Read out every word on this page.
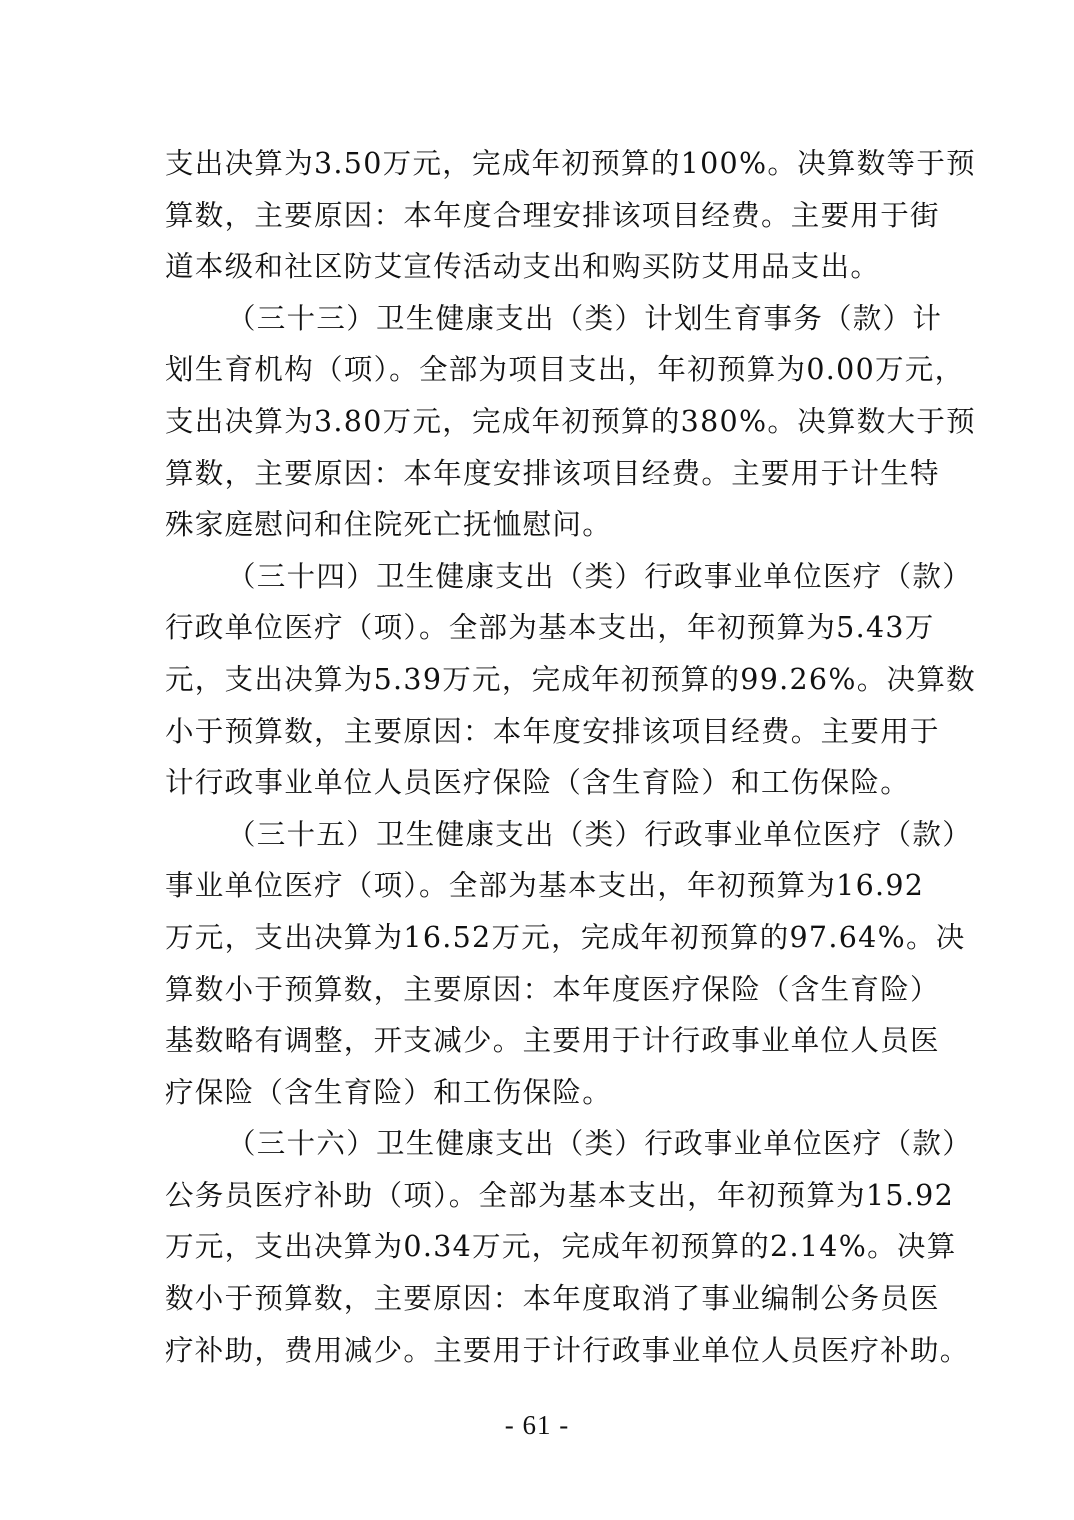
支出决算为3.50万元，完成年初预算的100%。决算数等于预
算数，主要原因：本年度合理安排该项目经费。主要用于街
道本级和社区防艾宣传活动支出和购买防艾用品支出。
（三十三）卫生健康支出（类）计划生育事务（款）计
划生育机构（项）。全部为项目支出，年初预算为0.00万元，
支出决算为3.80万元，完成年初预算的380%。决算数大于预
算数，主要原因：本年度安排该项目经费。主要用于计生特
殊家庭慰问和住院死亡抚恤慰问。
（三十四）卫生健康支出（类）行政事业单位医疗（款）
行政单位医疗（项）。全部为基本支出，年初预算为5.43万
元，支出决算为5.39万元，完成年初预算的99.26%。决算数
小于预算数，主要原因：本年度安排该项目经费。主要用于
计行政事业单位人员医疗保险（含生育险）和工伤保险。
（三十五）卫生健康支出（类）行政事业单位医疗（款）
事业单位医疗（项）。全部为基本支出，年初预算为16.92
万元，支出决算为16.52万元，完成年初预算的97.64%。决
算数小于预算数，主要原因：本年度医疗保险（含生育险）
基数略有调整，开支减少。主要用于计行政事业单位人员医
疗保险（含生育险）和工伤保险。
（三十六）卫生健康支出（类）行政事业单位医疗（款）
公务员医疗补助（项）。全部为基本支出，年初预算为15.92
万元，支出决算为0.34万元，完成年初预算的2.14%。决算
数小于预算数，主要原因：本年度取消了事业编制公务员医
疗补助，费用减少。主要用于计行政事业单位人员医疗补助。
- 61 -
